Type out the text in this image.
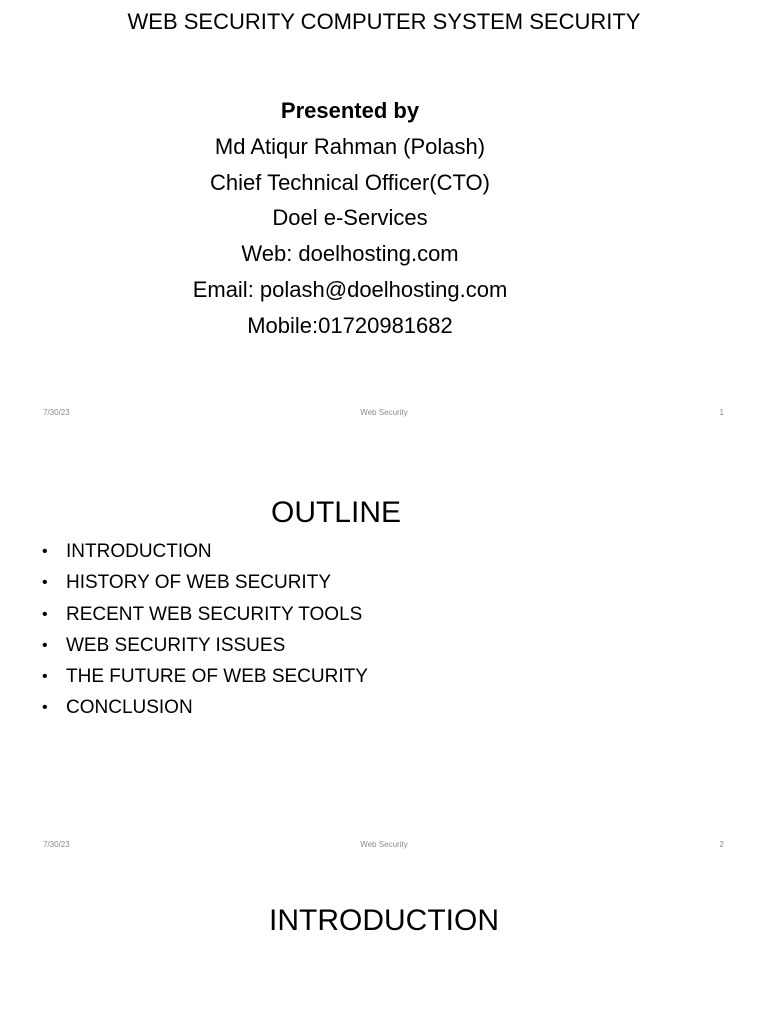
WEB SECURITY COMPUTER SYSTEM SECURITY
Presented by
Md Atiqur Rahman (Polash)
Chief Technical Officer(CTO)
Doel e-Services
Web: doelhosting.com
Email: polash@doelhosting.com
Mobile:01720981682
7/30/23	Web Security	1
OUTLINE
• INTRODUCTION
• HISTORY OF WEB SECURITY
• RECENT WEB SECURITY TOOLS
• WEB SECURITY ISSUES
• THE FUTURE OF WEB SECURITY
• CONCLUSION
7/30/23	Web Security	2
INTRODUCTION
